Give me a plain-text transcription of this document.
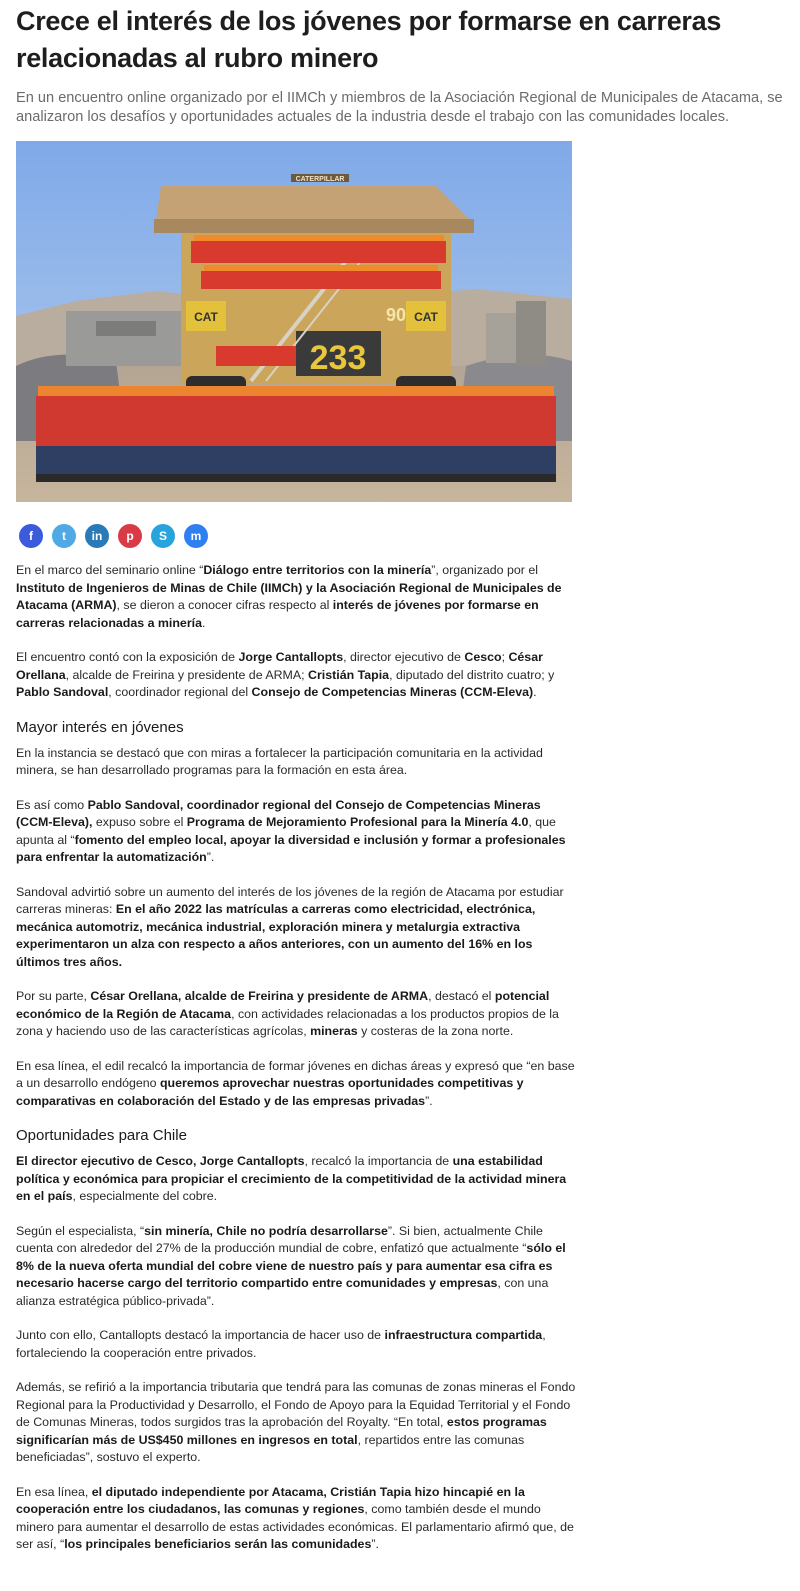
Crece el interés de los jóvenes por formarse en carreras relacionadas al rubro minero

En un encuentro online organizado por el IIMCh y miembros de la Asociación Regional de Municipales de Atacama, se analizaron los desafíos y oportunidades actuales de la industria desde el trabajo con las comunidades locales.

CATERPILLAR
CAT	CAT
90
233
f	t	in	p	S	m

En el marco del seminario online “Diálogo entre territorios con la minería”, organizado por el Instituto de Ingenieros de Minas de Chile (IIMCh) y la Asociación Regional de Municipales de Atacama (ARMA), se dieron a conocer cifras respecto al interés de jóvenes por formarse en carreras relacionadas a minería.

El encuentro contó con la exposición de Jorge Cantallopts, director ejecutivo de Cesco; César Orellana, alcalde de Freirina y presidente de ARMA; Cristián Tapia, diputado del distrito cuatro; y Pablo Sandoval, coordinador regional del Consejo de Competencias Mineras (CCM-Eleva).

Mayor interés en jóvenes

En la instancia se destacó que con miras a fortalecer la participación comunitaria en la actividad minera, se han desarrollado programas para la formación en esta área.

Es así como Pablo Sandoval, coordinador regional del Consejo de Competencias Mineras (CCM-Eleva), expuso sobre el Programa de Mejoramiento Profesional para la Minería 4.0, que apunta al “fomento del empleo local, apoyar la diversidad e inclusión y formar a profesionales para enfrentar la automatización”.

Sandoval advirtió sobre un aumento del interés de los jóvenes de la región de Atacama por estudiar carreras mineras: En el año 2022 las matrículas a carreras como electricidad, electrónica, mecánica automotriz, mecánica industrial, exploración minera y metalurgia extractiva experimentaron un alza con respecto a años anteriores, con un aumento del 16% en los últimos tres años.

Por su parte, César Orellana, alcalde de Freirina y presidente de ARMA, destacó el potencial económico de la Región de Atacama, con actividades relacionadas a los productos propios de la zona y haciendo uso de las características agrícolas, mineras y costeras de la zona norte.

En esa línea, el edil recalcó la importancia de formar jóvenes en dichas áreas y expresó que “en base a un desarrollo endógeno queremos aprovechar nuestras oportunidades competitivas y comparativas en colaboración del Estado y de las empresas privadas”.

Oportunidades para Chile

El director ejecutivo de Cesco, Jorge Cantallopts, recalcó la importancia de una estabilidad política y económica para propiciar el crecimiento de la competitividad de la actividad minera en el país, especialmente del cobre.

Según el especialista, “sin minería, Chile no podría desarrollarse”. Si bien, actualmente Chile cuenta con alrededor del 27% de la producción mundial de cobre, enfatizó que actualmente “sólo el 8% de la nueva oferta mundial del cobre viene de nuestro país y para aumentar esa cifra es necesario hacerse cargo del territorio compartido entre comunidades y empresas, con una alianza estratégica público-privada”.

Junto con ello, Cantallopts destacó la importancia de hacer uso de infraestructura compartida, fortaleciendo la cooperación entre privados.

Además, se refirió a la importancia tributaria que tendrá para las comunas de zonas mineras el Fondo Regional para la Productividad y Desarrollo, el Fondo de Apoyo para la Equidad Territorial y el Fondo de Comunas Mineras, todos surgidos tras la aprobación del Royalty. “En total, estos programas significarían más de US$450 millones en ingresos en total, repartidos entre las comunas beneficiadas”, sostuvo el experto.

En esa línea, el diputado independiente por Atacama, Cristián Tapia hizo hincapié en la cooperación entre los ciudadanos, las comunas y regiones, como también desde el mundo minero para aumentar el desarrollo de estas actividades económicas. El parlamentario afirmó que, de ser así, “los principales beneficiarios serán las comunidades”.
